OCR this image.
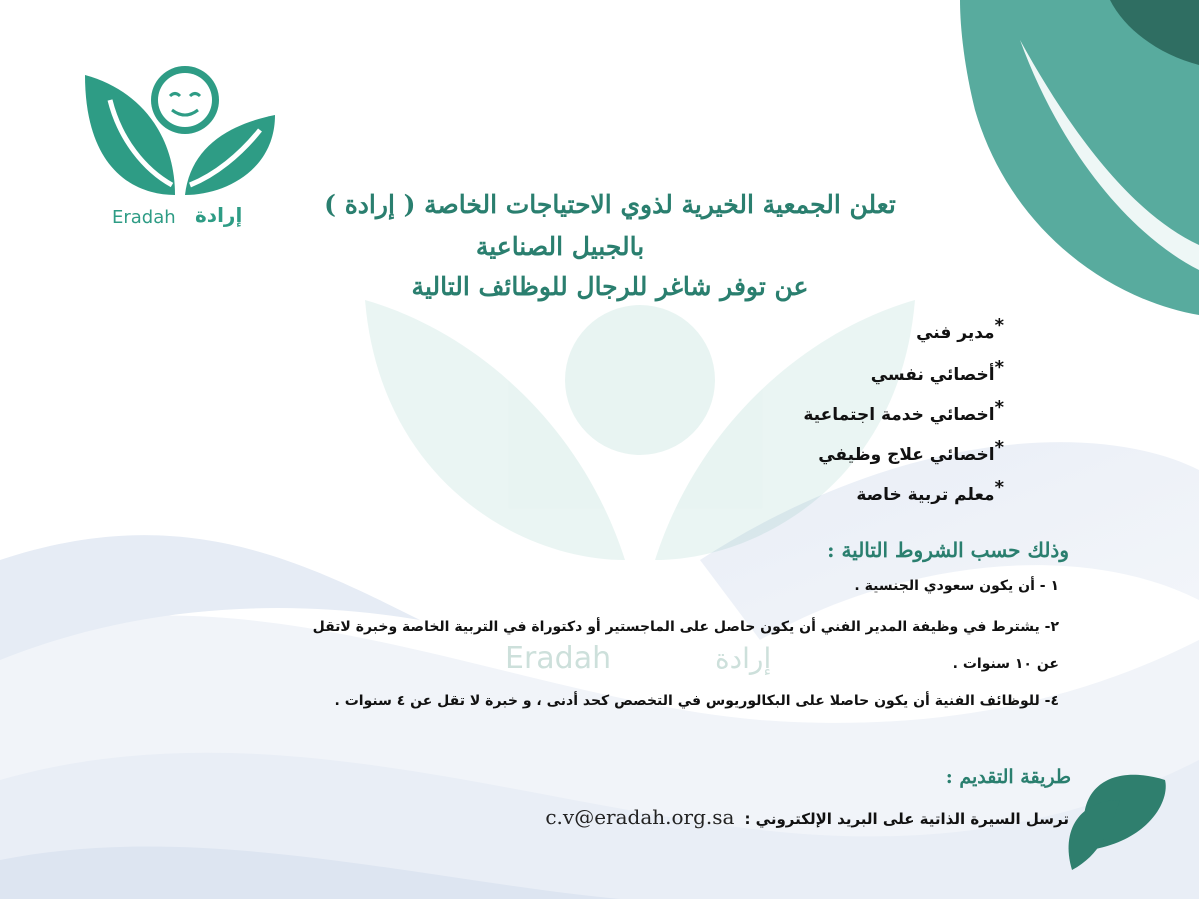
Eradah	إرادة
Eradah إرادة	تعلن الجمعية الخيرية لذوي الاحتياجات الخاصة ( إرادة )
بالجبيل الصناعية
عن توفر شاغر للرجال للوظائف التالية
*مدير فني
*أخصائي نفسي
*اخصائي خدمة اجتماعية
*اخصائي علاج وظيفي
*معلم تربية خاصة
وذلك حسب الشروط التالية :
١ - أن يكون سعودي الجنسية .
٢- يشترط في وظيفة المدير الفني أن يكون حاصل على الماجستير أو دكتوراة في التربية الخاصة وخبرة لاتقل
عن ١٠ سنوات .
٤- للوظائف الفنية أن يكون حاصلا على البكالوريوس في التخصص كحد أدنى ، و خبرة لا تقل عن ٤ سنوات .
طريقة التقديم :
c.v@eradah.org.sa ترسل السيرة الذاتية على البريد الإلكتروني :
